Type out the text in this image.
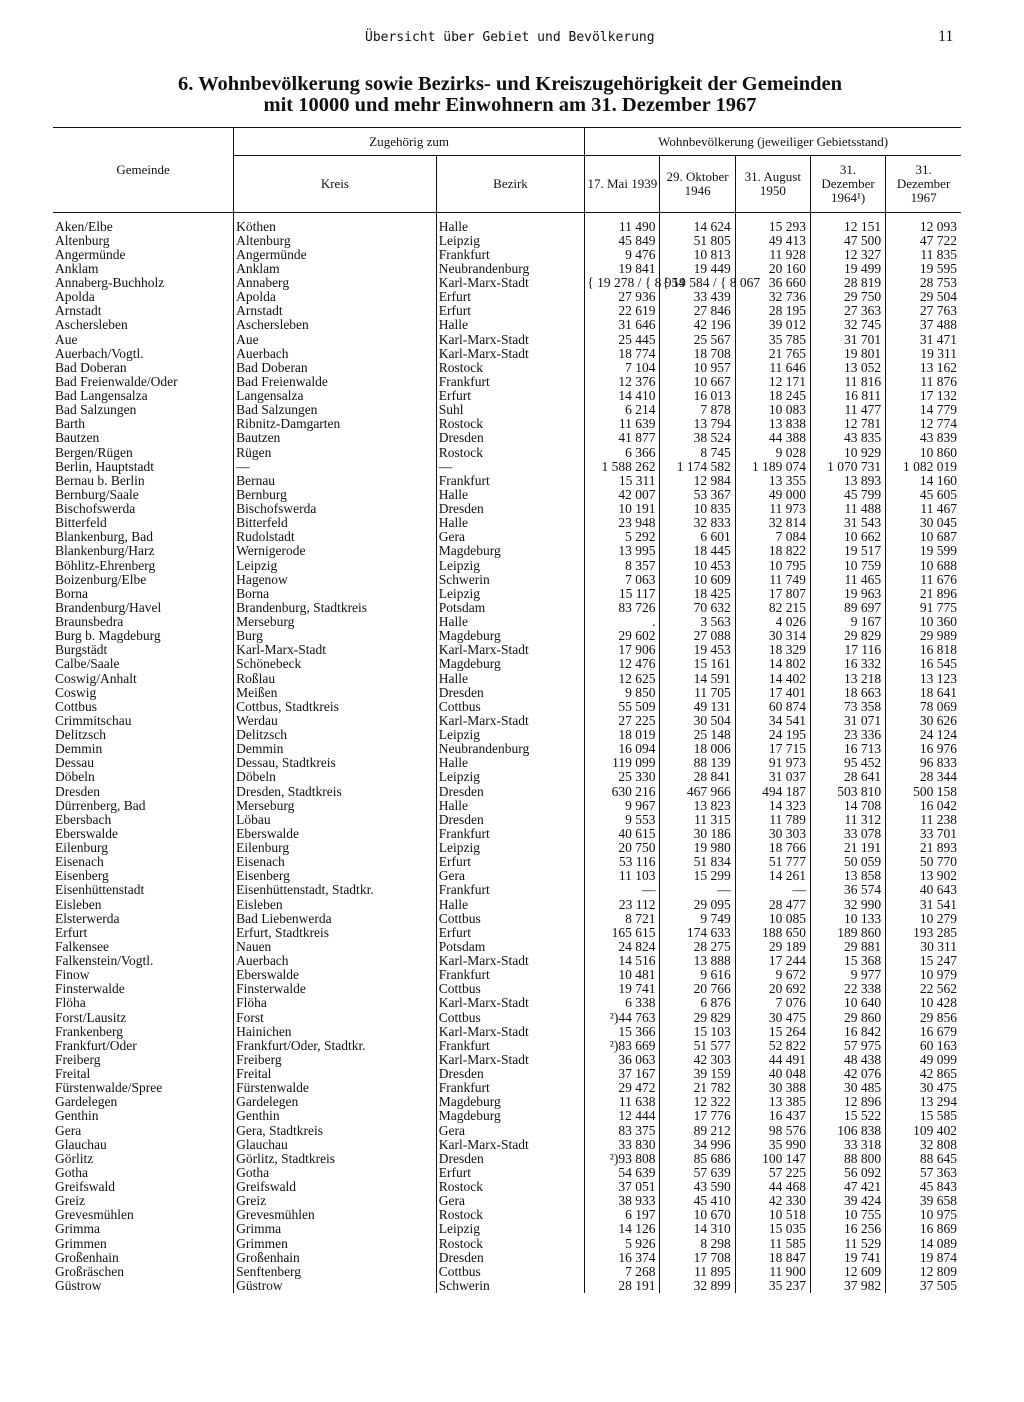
Übersicht über Gebiet und Bevölkerung	11
6. Wohnbevölkerung sowie Bezirks- und Kreiszugehörigkeit der Gemeinden
mit 10000 und mehr Einwohnern am 31. Dezember 1967
Gemeinde	Zugehörig zum		Wohnbevölkerung (jeweiliger Gebietsstand)				
	Kreis	Bezirk	17. Mai 1939	29. Oktober 1946	31. August 1950	31. Dezember 1964¹)	31. Dezember 1967

Aken/Elbe	Köthen	Halle	11 490	14 624	15 293	12 151	12 093
Altenburg	Altenburg	Leipzig	45 849	51 805	49 413	47 500	47 722
Angermünde	Angermünde	Frankfurt	9 476	10 813	11 928	12 327	11 835
Anklam	Anklam	Neubrandenburg	19 841	19 449	20 160	19 499	19 595
Annaberg-Buchholz	Annaberg	Karl-Marx-Stadt	{ 19 278 / { 8 954	{ 19 584 / { 8 067	36 660	28 819	28 753
Apolda	Apolda	Erfurt	27 936	33 439	32 736	29 750	29 504
Arnstadt	Arnstadt	Erfurt	22 619	27 846	28 195	27 363	27 763
Aschersleben	Aschersleben	Halle	31 646	42 196	39 012	32 745	37 488
Aue	Aue	Karl-Marx-Stadt	25 445	25 567	35 785	31 701	31 471
Auerbach/Vogtl.	Auerbach	Karl-Marx-Stadt	18 774	18 708	21 765	19 801	19 311
Bad Doberan	Bad Doberan	Rostock	7 104	10 957	11 646	13 052	13 162
Bad Freienwalde/Oder	Bad Freienwalde	Frankfurt	12 376	10 667	12 171	11 816	11 876
Bad Langensalza	Langensalza	Erfurt	14 410	16 013	18 245	16 811	17 132
Bad Salzungen	Bad Salzungen	Suhl	6 214	7 878	10 083	11 477	14 779
Barth	Ribnitz-Damgarten	Rostock	11 639	13 794	13 838	12 781	12 774
Bautzen	Bautzen	Dresden	41 877	38 524	44 388	43 835	43 839
Bergen/Rügen	Rügen	Rostock	6 366	8 745	9 028	10 929	10 860
Berlin, Hauptstadt	—	—	1 588 262	1 174 582	1 189 074	1 070 731	1 082 019
Bernau b. Berlin	Bernau	Frankfurt	15 311	12 984	13 355	13 893	14 160
Bernburg/Saale	Bernburg	Halle	42 007	53 367	49 000	45 799	45 605
Bischofswerda	Bischofswerda	Dresden	10 191	10 835	11 973	11 488	11 467
Bitterfeld	Bitterfeld	Halle	23 948	32 833	32 814	31 543	30 045
Blankenburg, Bad	Rudolstadt	Gera	5 292	6 601	7 084	10 662	10 687
Blankenburg/Harz	Wernigerode	Magdeburg	13 995	18 445	18 822	19 517	19 599
Böhlitz-Ehrenberg	Leipzig	Leipzig	8 357	10 453	10 795	10 759	10 688
Boizenburg/Elbe	Hagenow	Schwerin	7 063	10 609	11 749	11 465	11 676
Borna	Borna	Leipzig	15 117	18 425	17 807	19 963	21 896
Brandenburg/Havel	Brandenburg, Stadtkreis	Potsdam	83 726	70 632	82 215	89 697	91 775
Braunsbedra	Merseburg	Halle	.	3 563	4 026	9 167	10 360
Burg b. Magdeburg	Burg	Magdeburg	29 602	27 088	30 314	29 829	29 989
Burgstädt	Karl-Marx-Stadt	Karl-Marx-Stadt	17 906	19 453	18 329	17 116	16 818
Calbe/Saale	Schönebeck	Magdeburg	12 476	15 161	14 802	16 332	16 545
Coswig/Anhalt	Roßlau	Halle	12 625	14 591	14 402	13 218	13 123
Coswig	Meißen	Dresden	9 850	11 705	17 401	18 663	18 641
Cottbus	Cottbus, Stadtkreis	Cottbus	55 509	49 131	60 874	73 358	78 069
Crimmitschau	Werdau	Karl-Marx-Stadt	27 225	30 504	34 541	31 071	30 626
Delitzsch	Delitzsch	Leipzig	18 019	25 148	24 195	23 336	24 124
Demmin	Demmin	Neubrandenburg	16 094	18 006	17 715	16 713	16 976
Dessau	Dessau, Stadtkreis	Halle	119 099	88 139	91 973	95 452	96 833
Döbeln	Döbeln	Leipzig	25 330	28 841	31 037	28 641	28 344
Dresden	Dresden, Stadtkreis	Dresden	630 216	467 966	494 187	503 810	500 158
Dürrenberg, Bad	Merseburg	Halle	9 967	13 823	14 323	14 708	16 042
Ebersbach	Löbau	Dresden	9 553	11 315	11 789	11 312	11 238
Eberswalde	Eberswalde	Frankfurt	40 615	30 186	30 303	33 078	33 701
Eilenburg	Eilenburg	Leipzig	20 750	19 980	18 766	21 191	21 893
Eisenach	Eisenach	Erfurt	53 116	51 834	51 777	50 059	50 770
Eisenberg	Eisenberg	Gera	11 103	15 299	14 261	13 858	13 902
Eisenhüttenstadt	Eisenhüttenstadt, Stadtkr.	Frankfurt	—	—	—	36 574	40 643
Eisleben	Eisleben	Halle	23 112	29 095	28 477	32 990	31 541
Elsterwerda	Bad Liebenwerda	Cottbus	8 721	9 749	10 085	10 133	10 279
Erfurt	Erfurt, Stadtkreis	Erfurt	165 615	174 633	188 650	189 860	193 285
Falkensee	Nauen	Potsdam	24 824	28 275	29 189	29 881	30 311
Falkenstein/Vogtl.	Auerbach	Karl-Marx-Stadt	14 516	13 888	17 244	15 368	15 247
Finow	Eberswalde	Frankfurt	10 481	9 616	9 672	9 977	10 979
Finsterwalde	Finsterwalde	Cottbus	19 741	20 766	20 692	22 338	22 562
Flöha	Flöha	Karl-Marx-Stadt	6 338	6 876	7 076	10 640	10 428
Forst/Lausitz	Forst	Cottbus	²)44 763	29 829	30 475	29 860	29 856
Frankenberg	Hainichen	Karl-Marx-Stadt	15 366	15 103	15 264	16 842	16 679
Frankfurt/Oder	Frankfurt/Oder, Stadtkr.	Frankfurt	²)83 669	51 577	52 822	57 975	60 163
Freiberg	Freiberg	Karl-Marx-Stadt	36 063	42 303	44 491	48 438	49 099
Freital	Freital	Dresden	37 167	39 159	40 048	42 076	42 865
Fürstenwalde/Spree	Fürstenwalde	Frankfurt	29 472	21 782	30 388	30 485	30 475
Gardelegen	Gardelegen	Magdeburg	11 638	12 322	13 385	12 896	13 294
Genthin	Genthin	Magdeburg	12 444	17 776	16 437	15 522	15 585
Gera	Gera, Stadtkreis	Gera	83 375	89 212	98 576	106 838	109 402
Glauchau	Glauchau	Karl-Marx-Stadt	33 830	34 996	35 990	33 318	32 808
Görlitz	Görlitz, Stadtkreis	Dresden	²)93 808	85 686	100 147	88 800	88 645
Gotha	Gotha	Erfurt	54 639	57 639	57 225	56 092	57 363
Greifswald	Greifswald	Rostock	37 051	43 590	44 468	47 421	45 843
Greiz	Greiz	Gera	38 933	45 410	42 330	39 424	39 658
Grevesmühlen	Grevesmühlen	Rostock	6 197	10 670	10 518	10 755	10 975
Grimma	Grimma	Leipzig	14 126	14 310	15 035	16 256	16 869
Grimmen	Grimmen	Rostock	5 926	8 298	11 585	11 529	14 089
Großenhain	Großenhain	Dresden	16 374	17 708	18 847	19 741	19 874
Großräschen	Senftenberg	Cottbus	7 268	11 895	11 900	12 609	12 809
Güstrow	Güstrow	Schwerin	28 191	32 899	35 237	37 982	37 505
